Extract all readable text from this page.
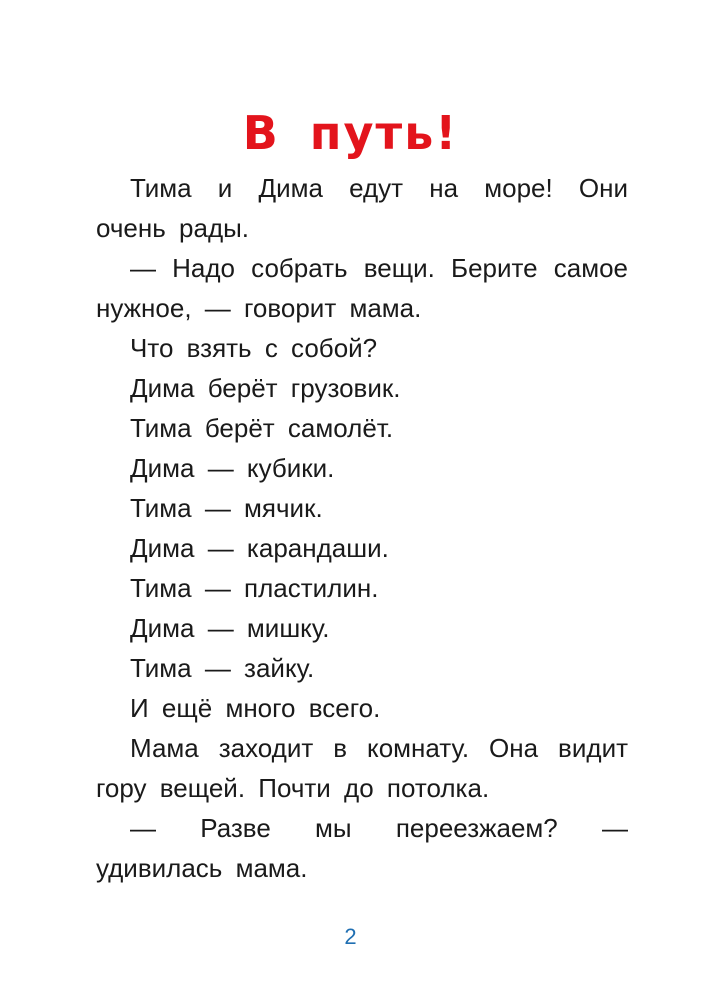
В путь!

Тима и Дима едут на море! Они очень рады.

— Надо собрать вещи. Берите самое нужное, — говорит мама.

Что взять с собой?

Дима берёт грузовик.

Тима берёт самолёт.

Дима — кубики.

Тима — мячик.

Дима — карандаши.

Тима — пластилин.

Дима — мишку.

Тима — зайку.

И ещё много всего.

Мама заходит в комнату. Она видит гору вещей. Почти до потолка.

— Разве мы переезжаем? — удивилась мама.

2
